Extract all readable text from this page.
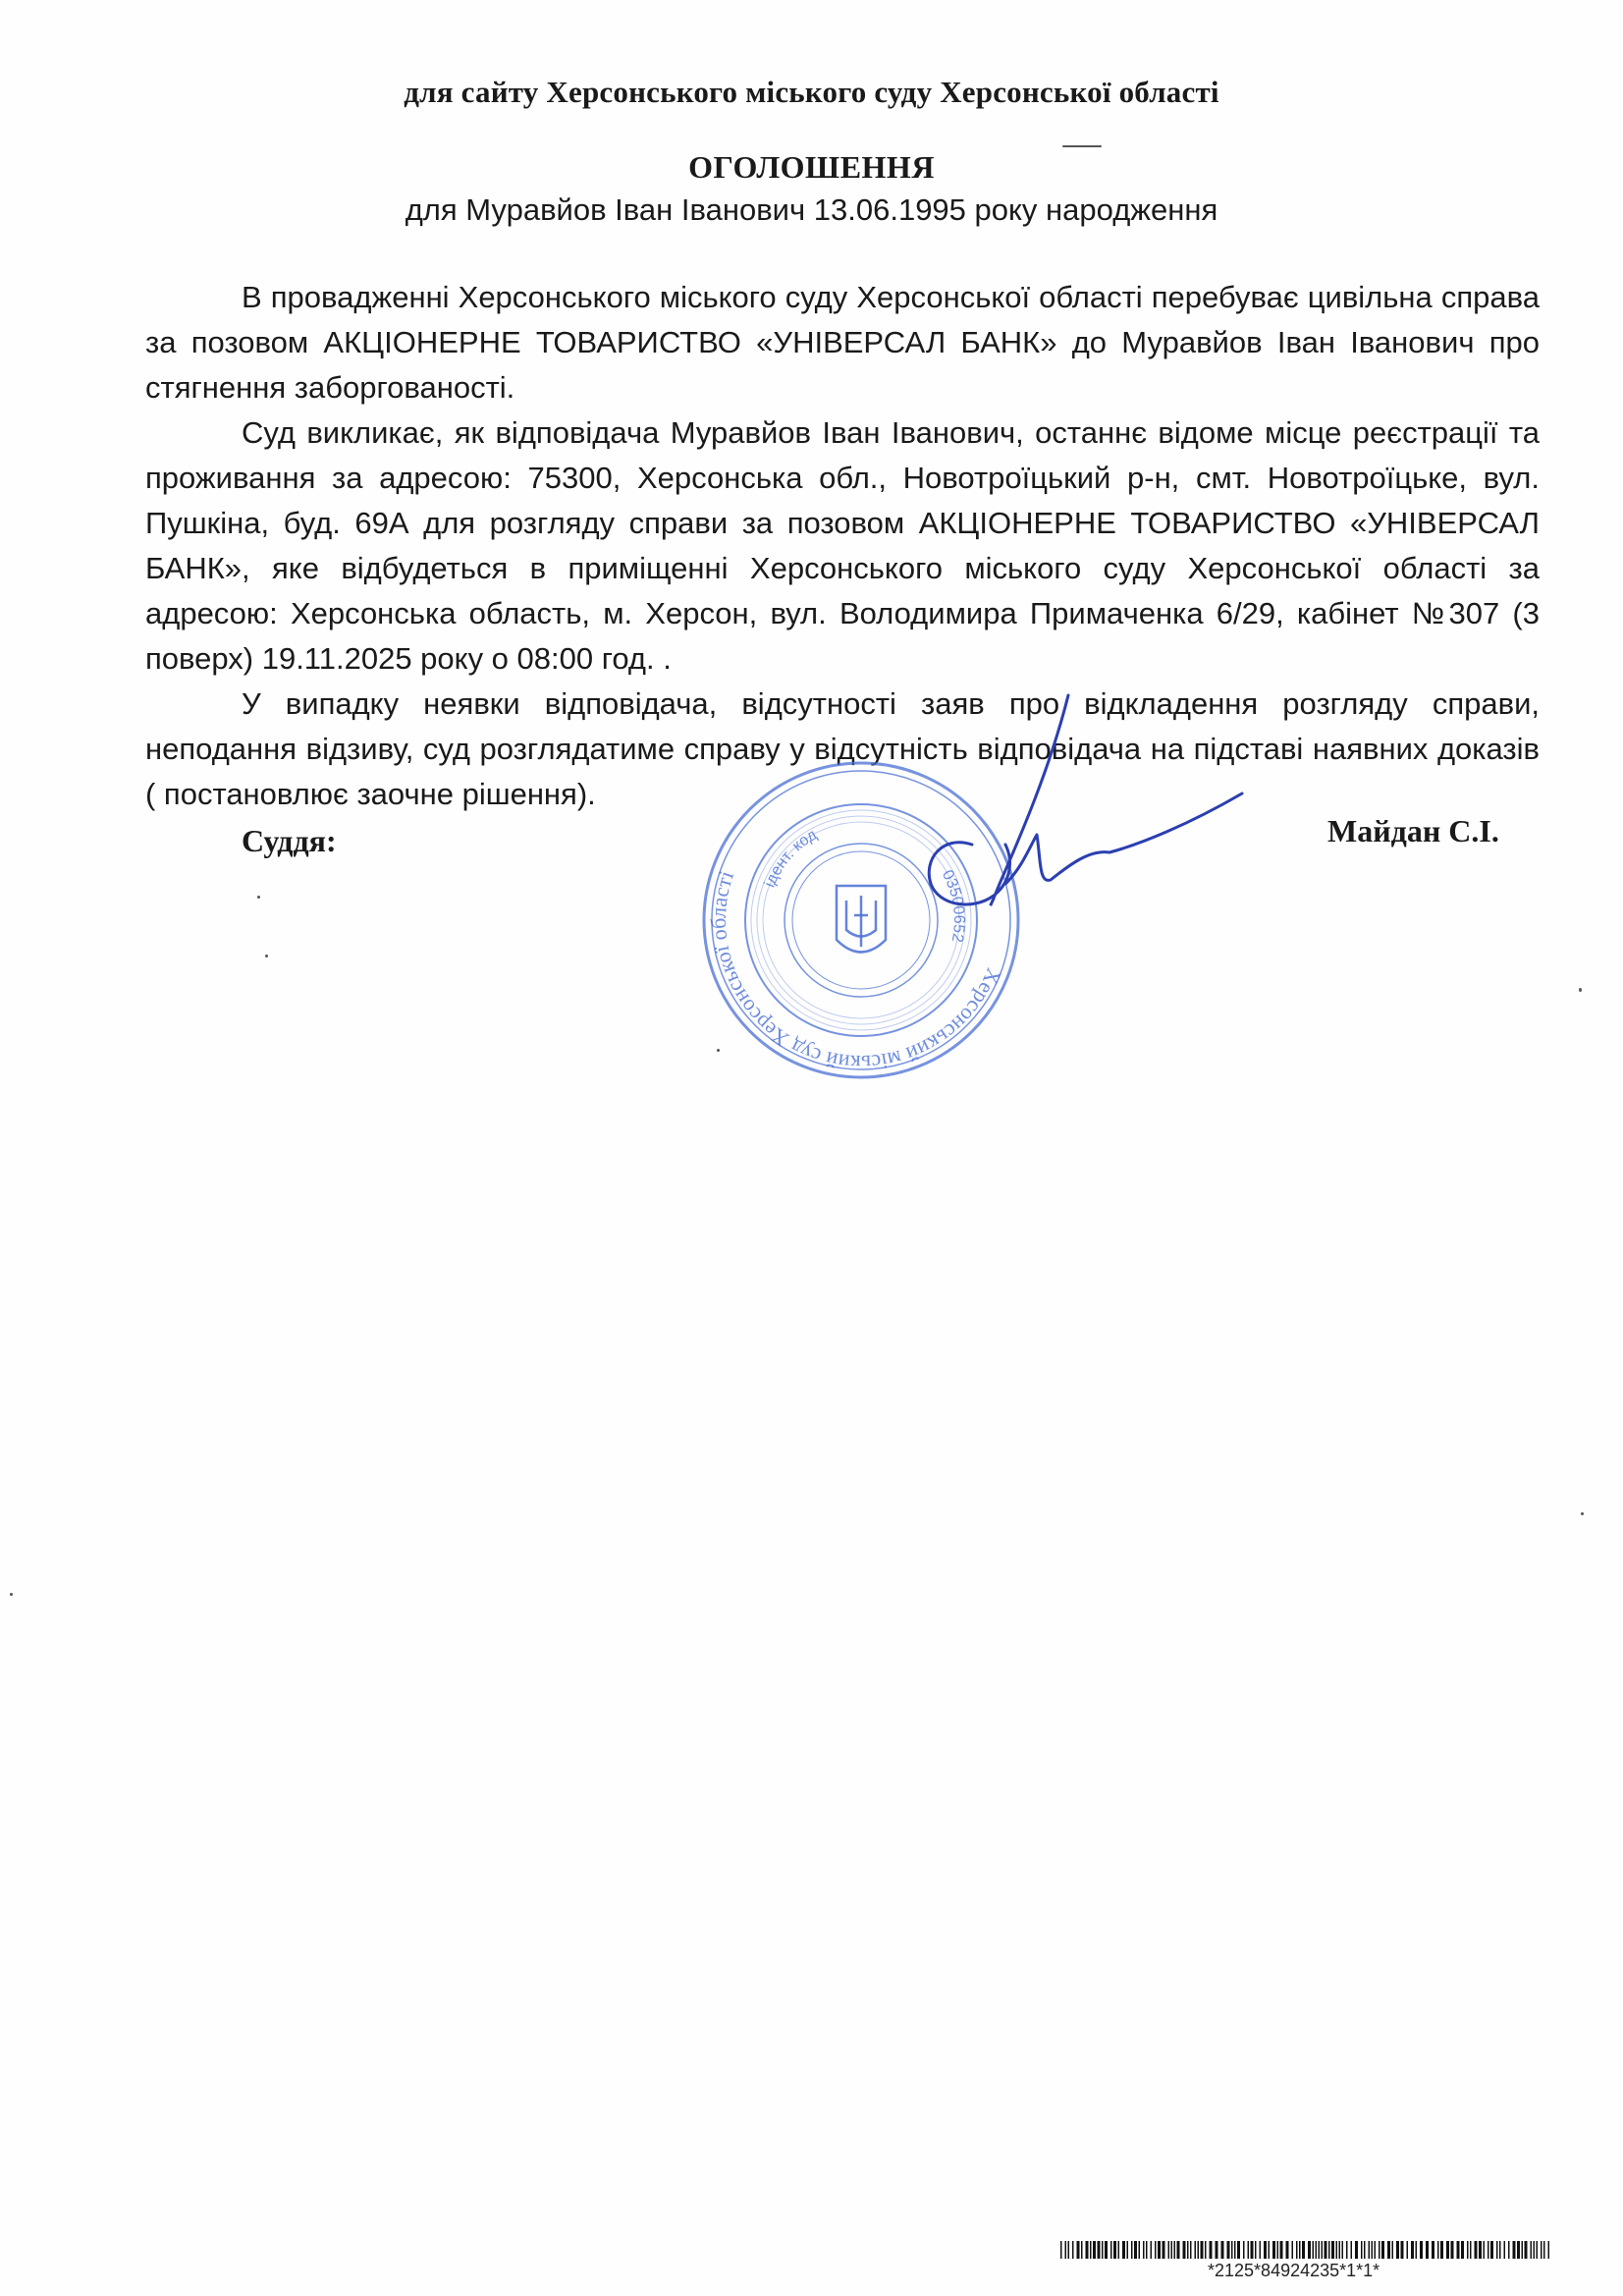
для сайту Херсонського міського суду Херсонської області
ОГОЛОШЕННЯ
для Муравйов Іван Іванович 13.06.1995 року народження

В провадженні Херсонського міського суду Херсонської області перебуває цивільна справа за позовом АКЦІОНЕРНЕ ТОВАРИСТВО «УНІВЕРСАЛ БАНК» до Муравйов Іван Іванович про стягнення заборгованості.

Суд викликає, як відповідача Муравйов Іван Іванович, останнє відоме місце реєстрації та проживання за адресою: 75300, Херсонська обл., Новотроїцький р-н, смт. Новотроїцьке, вул. Пушкіна, буд. 69А для розгляду справи за позовом АКЦІОНЕРНЕ ТОВАРИСТВО «УНІВЕРСАЛ БАНК», яке відбудеться в приміщенні Херсонського міського суду Херсонської області за адресою: Херсонська область, м. Херсон, вул. Володимира Примаченка 6/29, кабінет №307 (3 поверх) 19.11.2025 року о 08:00 год. .

У випадку неявки відповідача, відсутності заяв про відкладення розгляду справи, неподання відзиву, суд розглядатиме справу у відсутність відповідача на підставі наявних доказів ( постановлює заочне рішення).

Суддя:	Майдан С.І.
Херсонський міський суд Херсонської області	03500652
ідент. код
*2125*84924235*1*1*
